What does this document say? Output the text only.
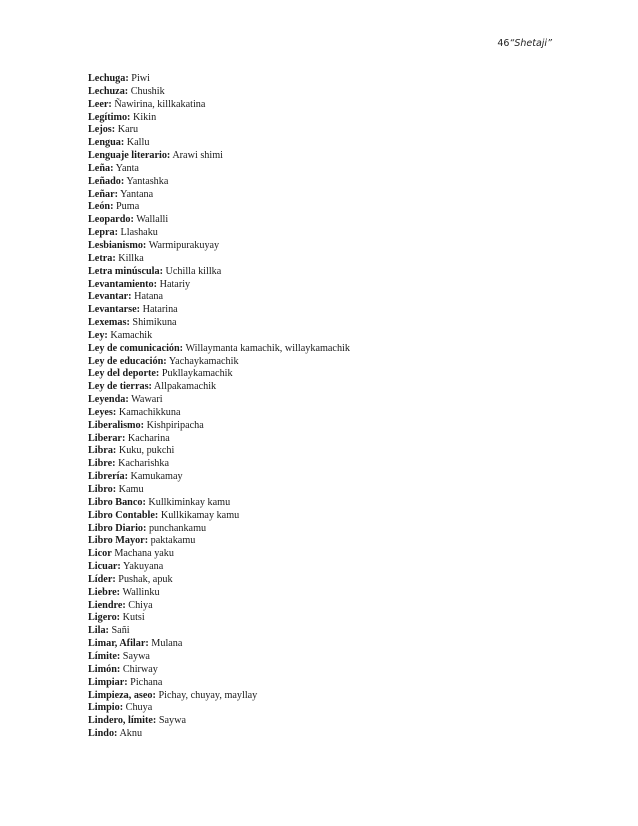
46“Shetaji”
Lechuga: Piwi
Lechuza: Chushik
Leer: Ñawirina, killkakatina
Legítimo: Kikin
Lejos: Karu
Lengua: Kallu
Lenguaje literario: Arawi shimi
Leña: Yanta
Leñado: Yantashka
Leñar: Yantana
León: Puma
Leopardo: Wallalli
Lepra: Llashaku
Lesbianismo: Warmipurakuyay
Letra: Killka
Letra minúscula: Uchilla killka
Levantamiento: Hatariy
Levantar: Hatana
Levantarse: Hatarina
Lexemas: Shimikuna
Ley: Kamachik
Ley de comunicación: Willaymanta kamachik, willaykamachik
Ley de educación: Yachaykamachik
Ley del deporte: Pukllaykamachik
Ley de tierras: Allpakamachik
Leyenda: Wawari
Leyes: Kamachikkuna
Liberalismo: Kishpiripacha
Liberar: Kacharina
Libra: Kuku, pukchi
Libre: Kacharishka
Librería: Kamukamay
Libro: Kamu
Libro Banco: Kullkiminkay kamu
Libro Contable: Kullkikamay kamu
Libro Diario: punchankamu
Libro Mayor: paktakamu
Licor Machana yaku
Licuar: Yakuyana
Líder: Pushak, apuk
Liebre: Wallinku
Liendre: Chiya
Ligero: Kutsi
Lila: Sañi
Limar, Afilar: Mulana
Límite: Saywa
Limón: Chirway
Limpiar: Pichana
Limpieza, aseo: Pichay, chuyay, mayllay
Limpio: Chuya
Lindero, límite: Saywa
Lindo: Aknu
